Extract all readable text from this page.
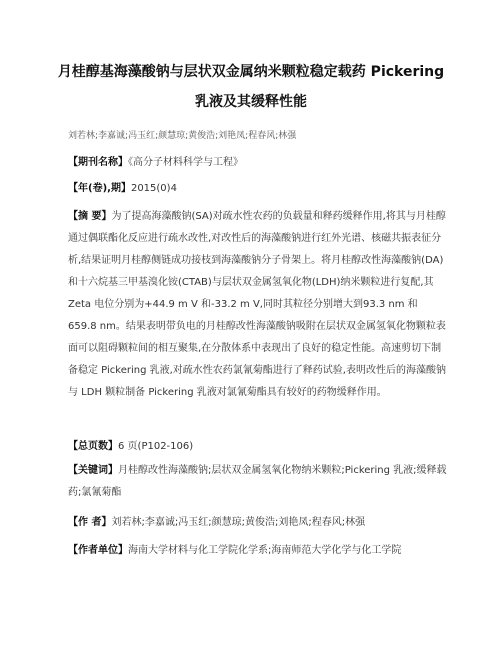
月桂醇基海藻酸钠与层状双金属纳米颗粒稳定载药 Pickering
乳液及其缓释性能
刘若林;李嘉诚;冯玉红;颜慧琼;黄俊浩;刘艳凤;程春风;林强
【期刊名称】《高分子材料科学与工程》
【年(卷),期】2015(0)4

【摘 要】为了提高海藻酸钠(SA)对疏水性农药的负载量和释药缓释作用,将其与月桂醇通过偶联酯化反应进行疏水改性,对改性后的海藻酸钠进行红外光谱、核磁共振表征分析,结果证明月桂醇侧链成功接枝到海藻酸钠分子骨架上。将月桂醇改性海藻酸钠(DA)和十六烷基三甲基溴化铵(CTAB)与层状双金属氢氧化物(LDH)纳米颗粒进行复配,其 Zeta 电位分别为+44.9 m V 和-33.2 m V,同时其粒径分别增大到93.3 nm 和 659.8 nm。结果表明带负电的月桂醇改性海藻酸钠吸附在层状双金属氢氧化物颗粒表面可以阻碍颗粒间的相互聚集,在分散体系中表现出了良好的稳定性能。高速剪切下制备稳定 Pickering 乳液,对疏水性农药氯氰菊酯进行了释药试验,表明改性后的海藻酸钠与 LDH 颗粒制备 Pickering 乳液对氯氰菊酯具有较好的药物缓释作用。

【总页数】6 页(P102-106)
【关键词】月桂醇改性海藻酸钠;层状双金属氢氧化物纳米颗粒;Pickering 乳液;缓释载药;氯氰菊酯
【作 者】刘若林;李嘉诚;冯玉红;颜慧琼;黄俊浩;刘艳凤;程春风;林强
【作者单位】海南大学材料与化工学院化学系;海南师范大学化学与化工学院
